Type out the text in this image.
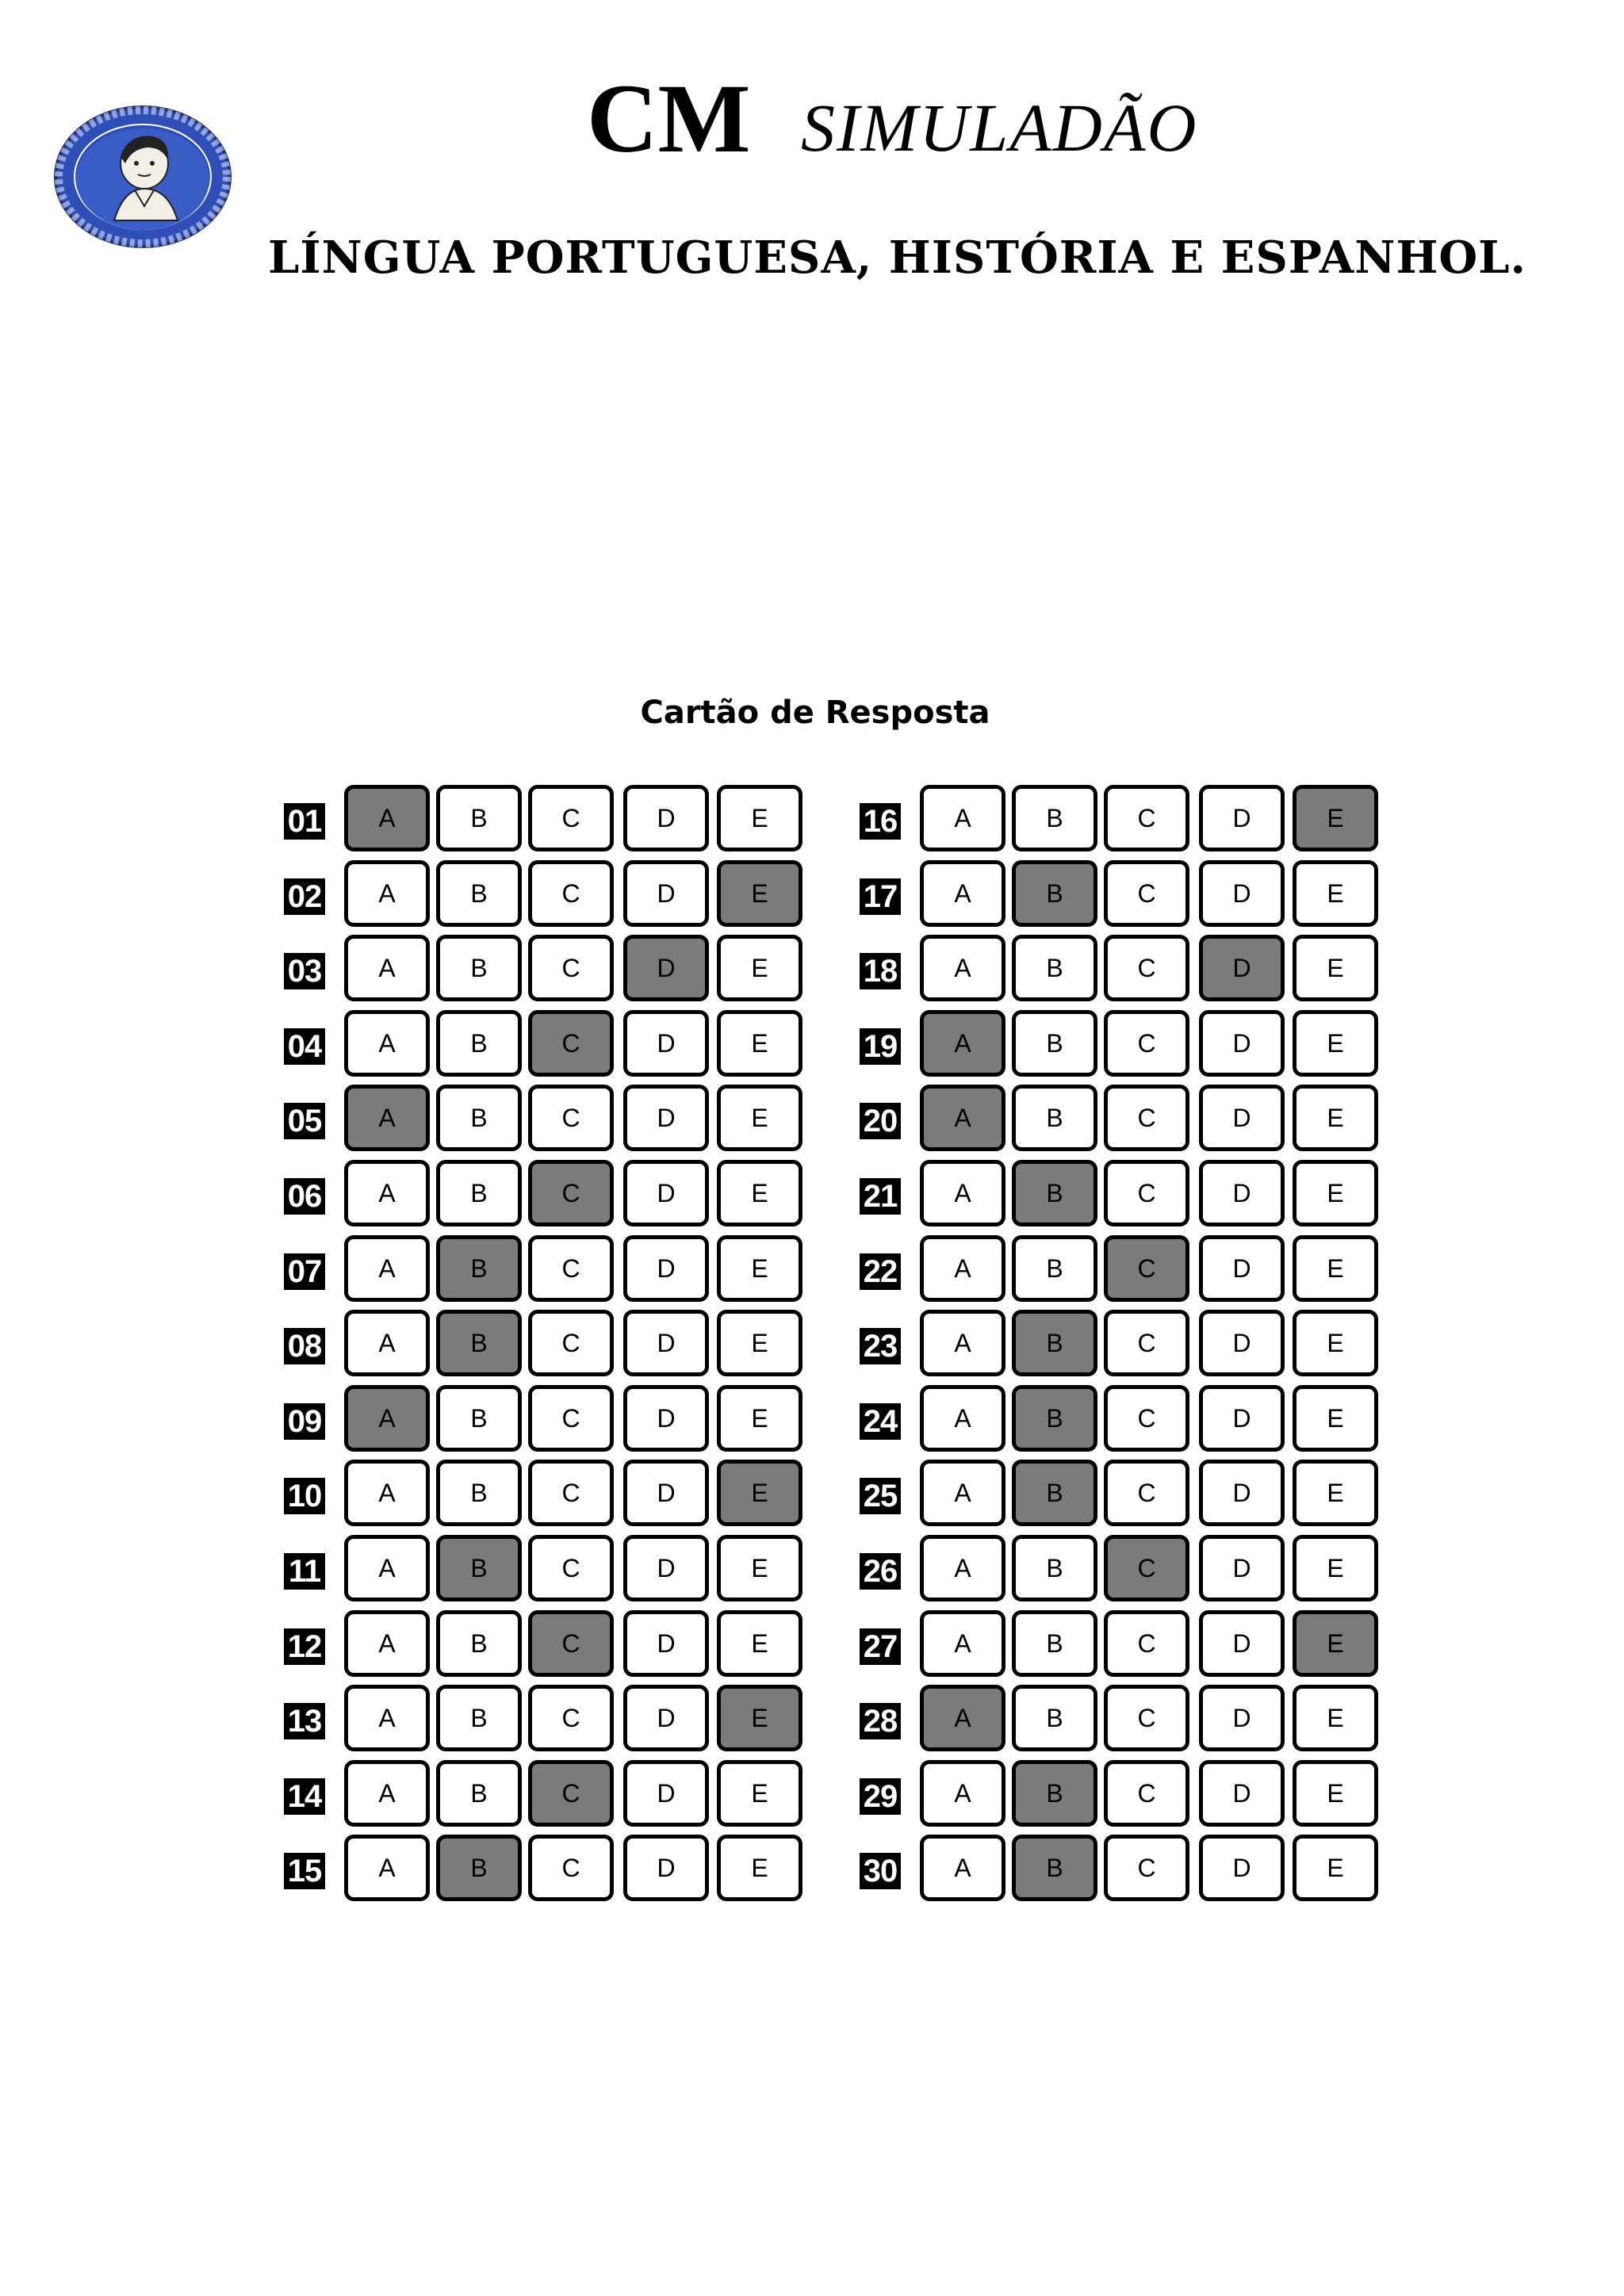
CM SIMULADÃO
LÍNGUA PORTUGUESA, HISTÓRIA E ESPANHOL.
Cartão de Resposta
01	A	B	C	D	E
02	A	B	C	D	E
03	A	B	C	D	E
04	A	B	C	D	E
05	A	B	C	D	E
06	A	B	C	D	E
07	A	B	C	D	E
08	A	B	C	D	E
09	A	B	C	D	E
10	A	B	C	D	E
11	A	B	C	D	E
12	A	B	C	D	E
13	A	B	C	D	E
14	A	B	C	D	E
15	A	B	C	D	E
16	A	B	C	D	E
17	A	B	C	D	E
18	A	B	C	D	E
19	A	B	C	D	E
20	A	B	C	D	E
21	A	B	C	D	E
22	A	B	C	D	E
23	A	B	C	D	E
24	A	B	C	D	E
25	A	B	C	D	E
26	A	B	C	D	E
27	A	B	C	D	E
28	A	B	C	D	E
29	A	B	C	D	E
30	A	B	C	D	E
